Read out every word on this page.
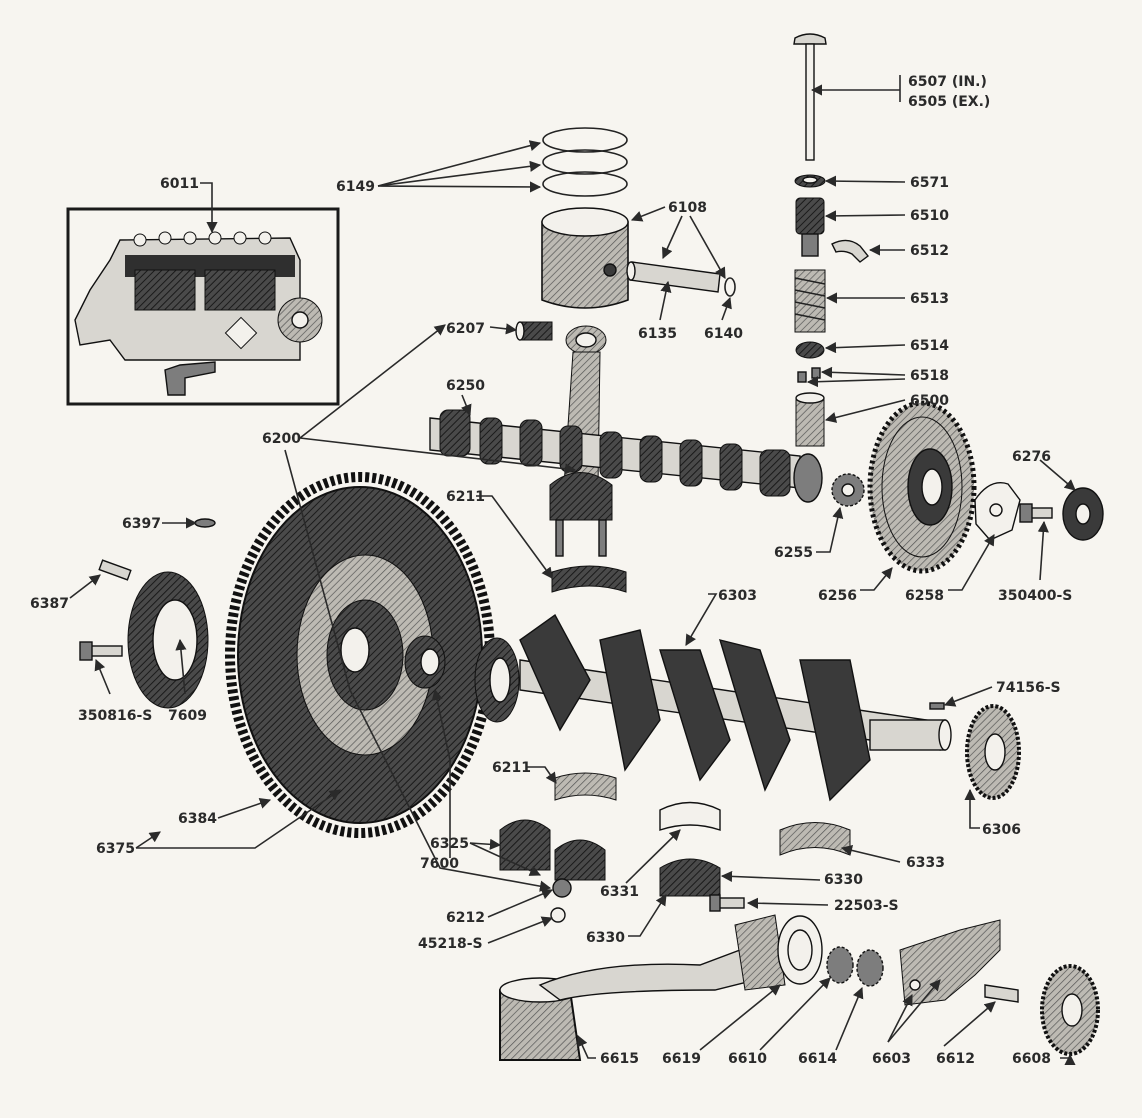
6507 (IN.)
6505 (EX.)
6571
6510
6512
6513
6514
6518
6500
6276
6011	6149
6108
6135 6140
6207
6250
6200
6211
6255
6256	6258	350400-S
6397
6387
350816-S 7609
6303
74156-S
7600
6211
6306
6384
6375	6325
6333
6331
6330
6212
45218-S
22503-S
6330
6615 6619 6610 6614	6603 6612	6608
